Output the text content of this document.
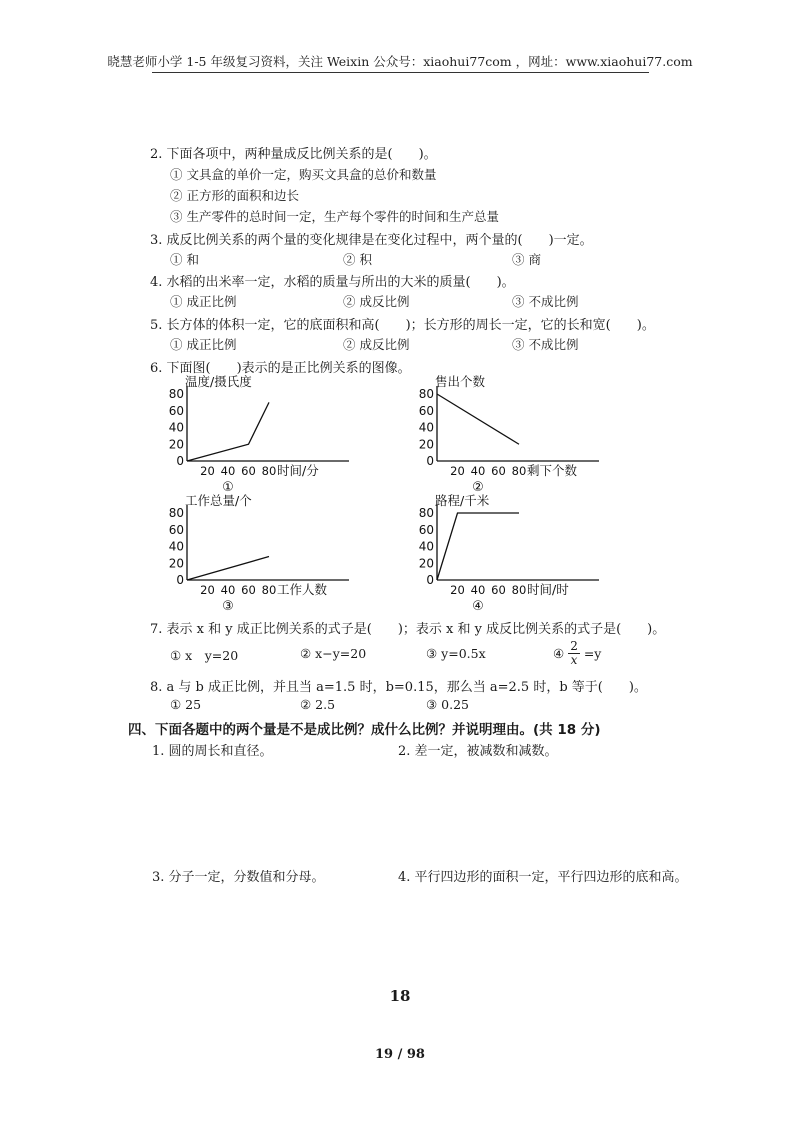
晓慧老师小学 1-5 年级复习资料，关注 Weixin 公众号：xiaohui77com ，网址：www.xiaohui77.com
2. 下面各项中，两种量成反比例关系的是(　　)。
① 文具盒的单价一定，购买文具盒的总价和数量
② 正方形的面积和边长
③ 生产零件的总时间一定，生产每个零件的时间和生产总量
3. 成反比例关系的两个量的变化规律是在变化过程中，两个量的(　　)一定。
① 和	② 积	③ 商
4. 水稻的出米率一定，水稻的质量与所出的大米的质量(　　)。
① 成正比例	② 成反比例	③ 不成比例
5. 长方体的体积一定，它的底面积和高(　　)；长方形的周长一定，它的长和宽(　　)。
① 成正比例	② 成反比例	③ 不成比例
6. 下面图(　　)表示的是正比例关系的图像。
温度/摄氏度
80
60
40
20
0
20 40 60 80 时间/分
①
售出个数
80
60
40
20
0
20 40 60 80 剩下个数
②
工作总量/个
80
60
40
20
0
20 40 60 80 工作人数
③
路程/千米
80
60
40
20
0
20 40 60 80 时间/时
④
7. 表示 x 和 y 成正比例关系的式子是(　　)；表示 x 和 y 成反比例关系的式子是(　　)。
① x　y=20	② x−y=20	③ y=0.5x	④ $\frac{2}{x} =y$
8. a 与 b 成正比例，并且当 a=1.5 时，b=0.15，那么当 a=2.5 时，b 等于(　　)。
① 25	② 2.5	③ 0.25
四、下面各题中的两个量是不是成比例？成什么比例？并说明理由。(共 18 分)
1. 圆的周长和直径。	2. 差一定，被减数和减数。
3. 分子一定，分数值和分母。	4. 平行四边形的面积一定，平行四边形的底和高。
18
19 / 98
